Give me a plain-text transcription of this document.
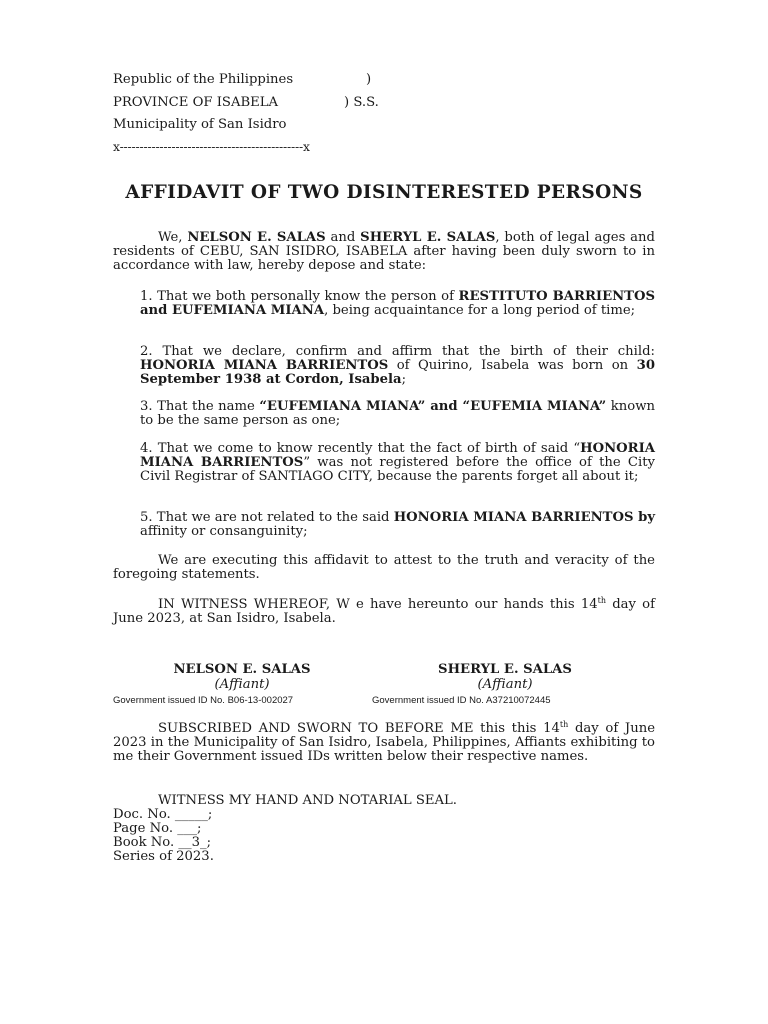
Republic of the Philippines	)
PROVINCE OF ISABELA	) S.S.
Municipality of San Isidro
x----------------------------------------------x
AFFIDAVIT OF TWO DISINTERESTED PERSONS
We, NELSON E. SALAS and SHERYL E. SALAS, both of legal ages and residents of CEBU, SAN ISIDRO, ISABELA after having been duly sworn to in accordance with law, hereby depose and state:
1. That we both personally know the person of RESTITUTO BARRIENTOS and EUFEMIANA MIANA, being acquaintance for a long period of time;
2. That we declare, confirm and affirm that the birth of their child: HONORIA MIANA BARRIENTOS of Quirino, Isabela was born on 30 September 1938 at Cordon, Isabela;
3. That the name “EUFEMIANA MIANA” and “EUFEMIA MIANA” known to be the same person as one;
4. That we come to know recently that the fact of birth of said “HONORIA MIANA BARRIENTOS” was not registered before the office of the City Civil Registrar of SANTIAGO CITY, because the parents forget all about it;
5. That we are not related to the said HONORIA MIANA BARRIENTOS by affinity or consanguinity;
We are executing this affidavit to attest to the truth and veracity of the foregoing statements.
IN WITNESS WHEREOF, W e have hereunto our hands this 14th day of June 2023, at San Isidro, Isabela.
NELSON E. SALAS
(Affiant)
Government issued ID No. B06-13-002027
SHERYL E. SALAS
(Affiant)
Government issued ID No. A37210072445
SUBSCRIBED AND SWORN TO BEFORE ME this this 14th day of June 2023 in the Municipality of San Isidro, Isabela, Philippines, Affiants exhibiting to me their Government issued IDs written below their respective names.
WITNESS MY HAND AND NOTARIAL SEAL.
Doc. No. _____;
Page No. ___;
Book No. __3_;
Series of 2023.
